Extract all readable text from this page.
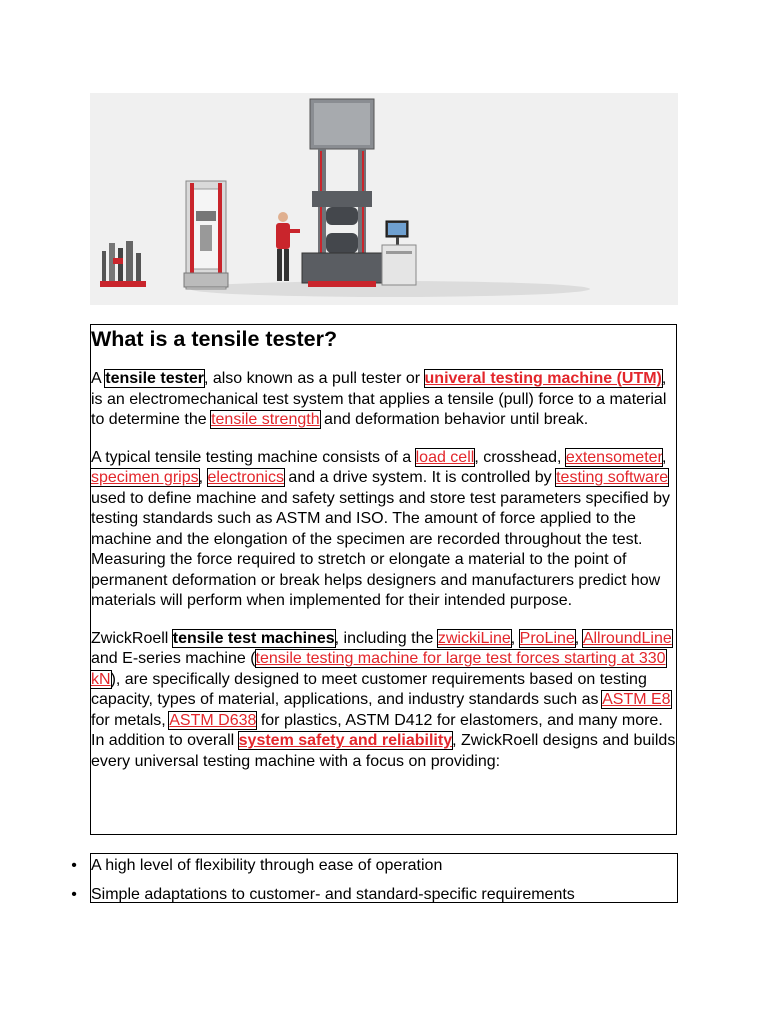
What is a tensile tester?

A tensile tester, also known as a pull tester or univeral testing machine (UTM), is an electromechanical test system that applies a tensile (pull) force to a material to determine the tensile strength and deformation behavior until break.

A typical tensile testing machine consists of a load cell, crosshead, extensometer, specimen grips, electronics and a drive system. It is controlled by testing software used to define machine and safety settings and store test parameters specified by testing standards such as ASTM and ISO. The amount of force applied to the machine and the elongation of the specimen are recorded throughout the test. Measuring the force required to stretch or elongate a material to the point of permanent deformation or break helps designers and manufacturers predict how materials will perform when implemented for their intended purpose.

ZwickRoell tensile test machines, including the zwickiLine, ProLine, AllroundLine and E-series machine (tensile testing machine for large test forces starting at 330 kN), are specifically designed to meet customer requirements based on testing capacity, types of material, applications, and industry standards such as ASTM E8 for metals, ASTM D638 for plastics, ASTM D412 for elastomers, and many more. In addition to overall system safety and reliability, ZwickRoell designs and builds every universal testing machine with a focus on providing:

• A high level of flexibility through ease of operation
• Simple adaptations to customer- and standard-specific requirements
